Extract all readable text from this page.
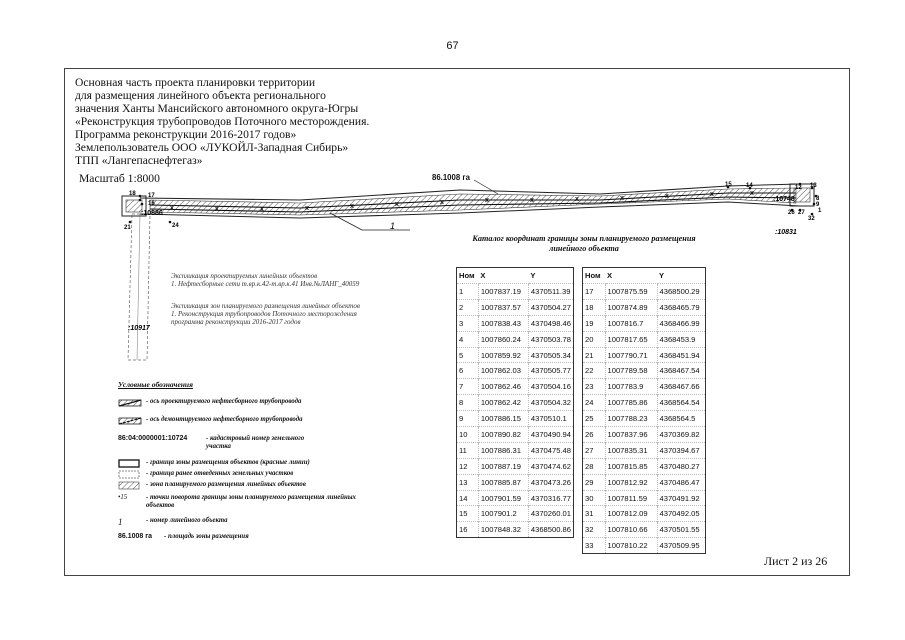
67
Основная часть проекта планировки территории
для размещения линейного объекта регионального
значения Ханты Мансийского автономного округа-Югры
«Реконструкция трубопроводов Поточного месторождения.
Программа реконструкции 2016-2017 годов»
Землепользователь ООО «ЛУКОЙЛ-Западная Сибирь»
ТПП «Лангепаснефтегаз»
Масштаб 1:8000	86.1008 га
x	x	x	x	x	x	x	x	x	x	x	x	x	x
1
:10886
:10748
:10831
:10917
18 17
16
21	24
15 14	12 13
8
9
1
26 27
32
Экспликация проектируемых линейных объектов
1. Нефтесборные сети т.вр.к.42-т.вр.к.41 Инв.№ЛАНГ_40059
Экспликация зон планируемого размещения линейных объектов
1. Реконструкция трубопроводов Поточного месторождения
программа реконструкции 2016-2017 годов
Каталог координат границы зоны планируемого размещения
линейного объекта
Ном	X	Y
1	1007837.19	4370511.39
2	1007837.57	4370504.27
3	1007838.43	4370498.46
4	1007860.24	4370503.78
5	1007859.92	4370505.34
6	1007862.03	4370505.77
7	1007862.46	4370504.16
8	1007862.42	4370504.32
9	1007886.15	4370510.1
10	1007890.82	4370490.94
11	1007886.31	4370475.48
12	1007887.19	4370474.62
13	1007885.87	4370473.26
14	1007901.59	4370316.77
15	1007901.2	4370260.01
16	1007848.32	4368500.86
Ном	X	Y
17	1007875.59	4368500.29
18	1007874.89	4368465.79
19	1007816.7	4368466.99
20	1007817.65	4368453.9
21	1007790.71	4368451.94
22	1007789.58	4368467.54
23	1007783.9	4368467.66
24	1007785.86	4368564.54
25	1007788.23	4368564.5
26	1007837.96	4370369.82
27	1007835.31	4370394.67
28	1007815.85	4370480.27
29	1007812.92	4370486.47
30	1007811.59	4370491.92
31	1007812.09	4370492.05
32	1007810.66	4370501.55
33	1007810.22	4370509.95
Условные обозначения
- ось проектируемого нефтесборного трубопровода
- ось демонтируемого нефтесборного трубопровода
86:04:0000001:10724	- кадастровый номер земельного участка
- граница зоны размещения объектов (красные линии)
- граница ранее отведенных земельных участков
- зона планируемого размещения линейных объектов
•15	- точки поворота границы зоны планируемого размещения линейных объектов
1	- номер линейного объекта
86.1008 га - площадь зоны размещения
Лист 2 из 26
